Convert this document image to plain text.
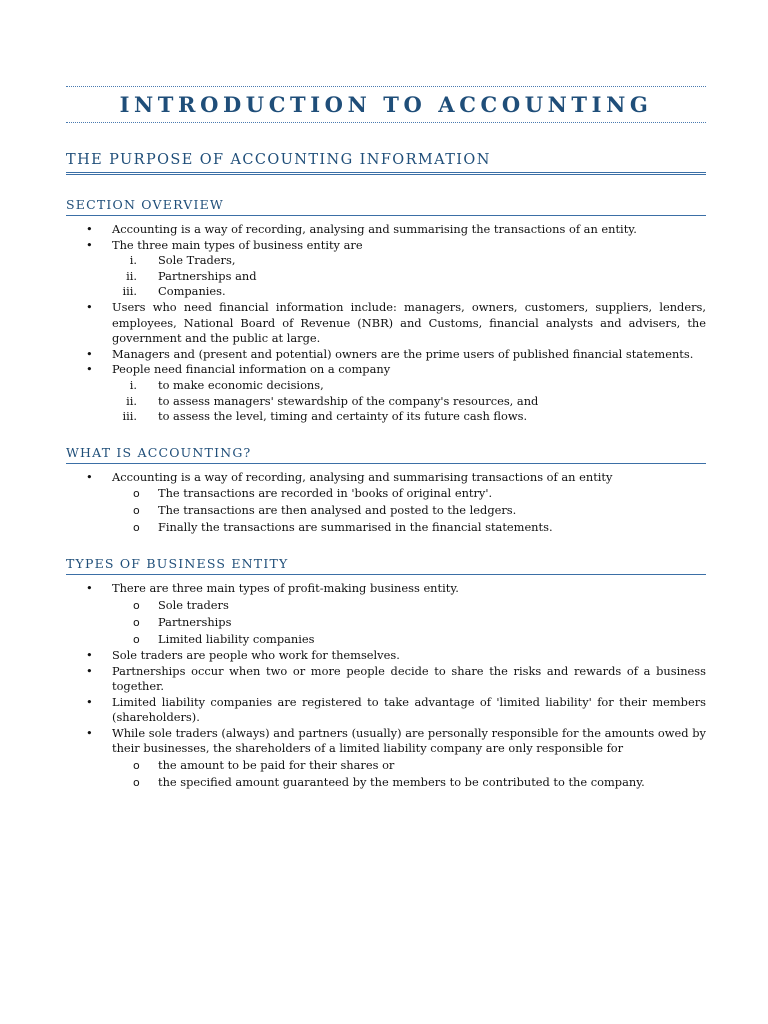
INTRODUCTION TO ACCOUNTING
THE PURPOSE OF ACCOUNTING INFORMATION
SECTION OVERVIEW
• Accounting is a way of recording, analysing and summarising the transactions of an entity.
• The three main types of business entity are
i. Sole Traders,
ii. Partnerships and
iii. Companies.
• Users who need financial information include: managers, owners, customers, suppliers, lenders, employees, National Board of Revenue (NBR) and Customs, financial analysts and advisers, the government and the public at large.
• Managers and (present and potential) owners are the prime users of published financial statements.
• People need financial information on a company
i. to make economic decisions,
ii. to assess managers' stewardship of the company's resources, and
iii. to assess the level, timing and certainty of its future cash flows.
WHAT IS ACCOUNTING?
• Accounting is a way of recording, analysing and summarising transactions of an entity
o The transactions are recorded in 'books of original entry'.
o The transactions are then analysed and posted to the ledgers.
o Finally the transactions are summarised in the financial statements.
TYPES OF BUSINESS ENTITY
• There are three main types of profit-making business entity.
o Sole traders
o Partnerships
o Limited liability companies
• Sole traders are people who work for themselves.
• Partnerships occur when two or more people decide to share the risks and rewards of a business together.
• Limited liability companies are registered to take advantage of 'limited liability' for their members (shareholders).
• While sole traders (always) and partners (usually) are personally responsible for the amounts owed by their businesses, the shareholders of a limited liability company are only responsible for
o the amount to be paid for their shares or
o the specified amount guaranteed by the members to be contributed to the company.
